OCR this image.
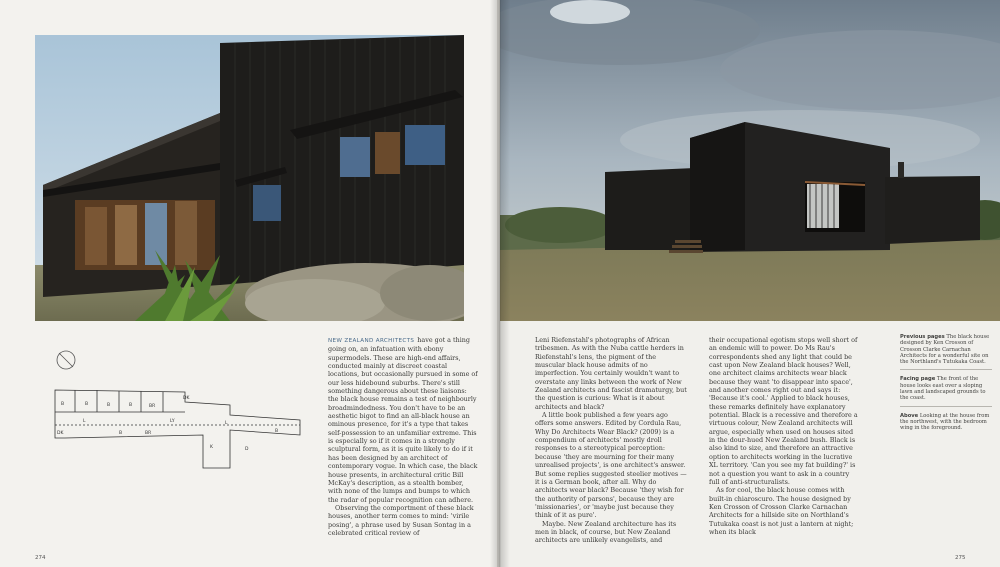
B	B	B	B	BR
DK
L	LY
DK
L
D
K
BR
B	B

NEW ZEALAND ARCHITECTS have got a thing going on, an infatuation with ebony supermodels. These are high-end affairs, conducted mainly at discreet coastal locations, but occasionally pursued in some of our less hidebound suburbs. There's still something dangerous about these liaisons: the black house remains a test of neighbourly broadmindedness. You don't have to be an aesthetic bigot to find an all-black house an ominous presence, for it's a type that takes self-possession to an unfamiliar extreme. This is especially so if it comes in a strongly sculptural form, as it is quite likely to do if it has been designed by an architect of contemporary vogue. In which case, the black house presents, in architectural critic Bill McKay's description, as a stealth bomber, with none of the lumps and bumps to which the radar of popular recognition can adhere.

Observing the comportment of these black houses, another term comes to mind: 'virile posing', a phrase used by Susan Sontag in a celebrated critical review of

274

Leni Riefenstahl's photographs of African tribesmen. As with the Nuba cattle herders in Riefenstahl's lens, the pigment of the muscular black house admits of no imperfection. You certainly wouldn't want to overstate any links between the work of New Zealand architects and fascist dramaturgy, but the question is curious: What is it about architects and black?

A little book published a few years ago offers some answers. Edited by Cordula Rau, Why Do Architects Wear Black? (2009) is a compendium of architects' mostly droll responses to a stereotypical perception: because 'they are mourning for their many unrealised projects', is one architect's answer. But some replies suggested steelier motives — it is a German book, after all. Why do architects wear black? Because 'they wish for the authority of parsons', because they are 'missionaries', or 'maybe just because they think of it as pure'.

Maybe. New Zealand architecture has its men in black, of course, but New Zealand architects are unlikely evangelists, and

their occupational egotism stops well short of an endemic will to power. Do Ms Rau's correspondents shed any light that could be cast upon New Zealand black houses? Well, one architect claims architects wear black because they want 'to disappear into space', and another comes right out and says it: 'Because it's cool.' Applied to black houses, these remarks definitely have explanatory potential. Black is a recessive and therefore a virtuous colour, New Zealand architects will argue, especially when used on houses sited in the dour-hued New Zealand bush. Black is also kind to size, and therefore an attractive option to architects working in the lucrative XL territory. 'Can you see my fat building?' is not a question you want to ask in a country full of anti-structuralists.

As for cool, the black house comes with built-in chiaroscuro. The house designed by Ken Crosson of Crosson Clarke Carnachan Architects for a hillside site on Northland's Tutukaka coast is not just a lantern at night; when its black

275
Previous pages The black house designed by Ken Crosson of Crosson Clarke Carnachan Architects for a wonderful site on the Northland's Tutukaka Coast.
Facing page The front of the house looks east over a sloping lawn and landscaped grounds to the coast.
Above Looking at the house from the northwest, with the bedroom wing in the foreground.
